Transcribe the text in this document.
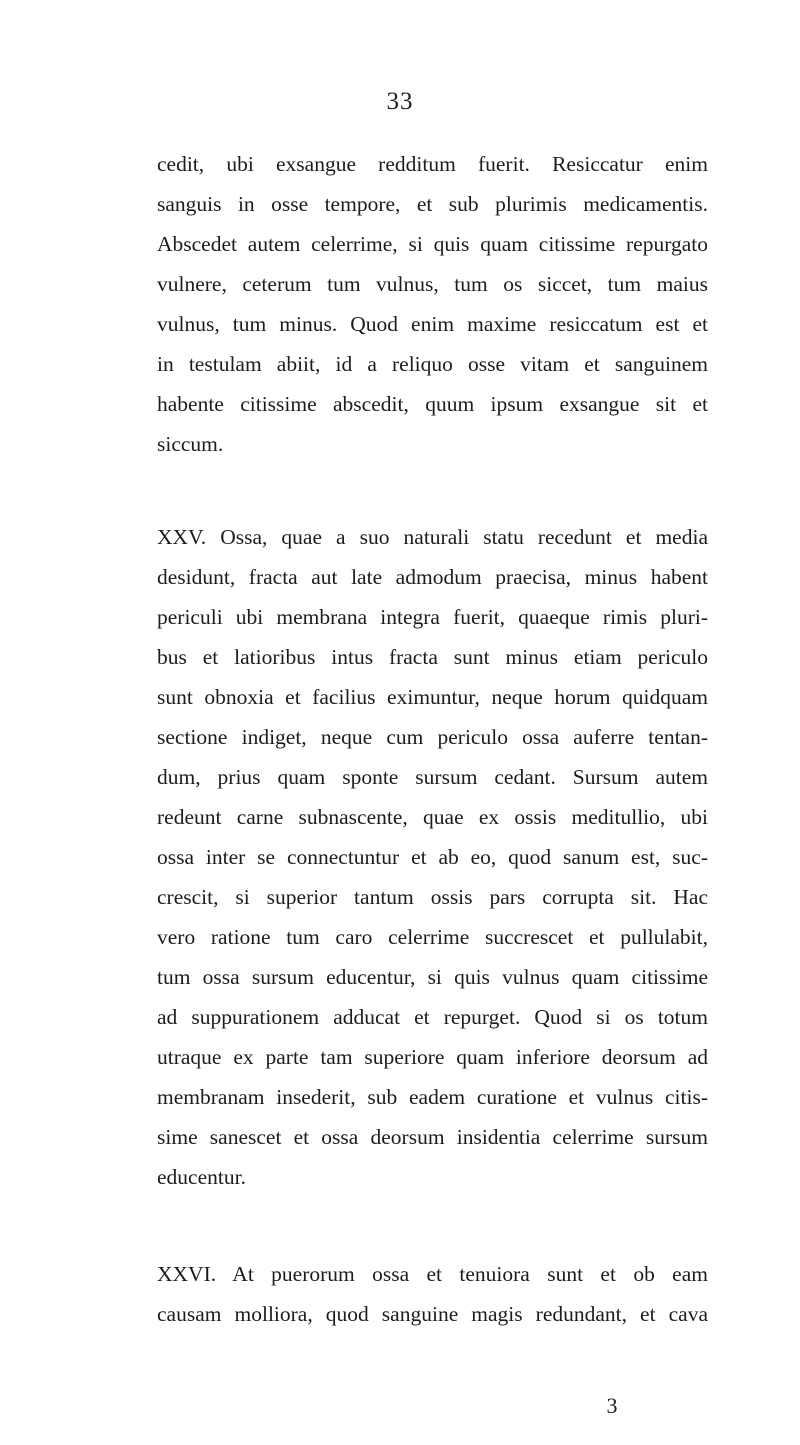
33
cedit, ubi exsangue redditum fuerit. Resiccatur enim
sanguis in osse tempore, et sub plurimis medicamentis.
Abscedet autem celerrime, si quis quam citissime repurgato
vulnere, ceterum tum vulnus, tum os siccet, tum maius
vulnus, tum minus. Quod enim maxime resiccatum est et
in testulam abiit, id a reliquo osse vitam et sanguinem
habente citissime abscedit, quum ipsum exsangue sit et
siccum.
XXV. Ossa, quae a suo naturali statu recedunt et media
desidunt, fracta aut late admodum praecisa, minus habent
periculi ubi membrana integra fuerit, quaeque rimis pluri-
bus et latioribus intus fracta sunt minus etiam periculo
sunt obnoxia et facilius eximuntur, neque horum quidquam
sectione indiget, neque cum periculo ossa auferre tentan-
dum, prius quam sponte sursum cedant. Sursum autem
redeunt carne subnascente, quae ex ossis meditullio, ubi
ossa inter se connectuntur et ab eo, quod sanum est, suc-
crescit, si superior tantum ossis pars corrupta sit. Hac
vero ratione tum caro celerrime succrescet et pullulabit,
tum ossa sursum educentur, si quis vulnus quam citissime
ad suppurationem adducat et repurget. Quod si os totum
utraque ex parte tam superiore quam inferiore deorsum ad
membranam insederit, sub eadem curatione et vulnus citis-
sime sanescet et ossa deorsum insidentia celerrime sursum
educentur.
XXVI. At puerorum ossa et tenuiora sunt et ob eam
causam molliora, quod sanguine magis redundant, et cava
3
